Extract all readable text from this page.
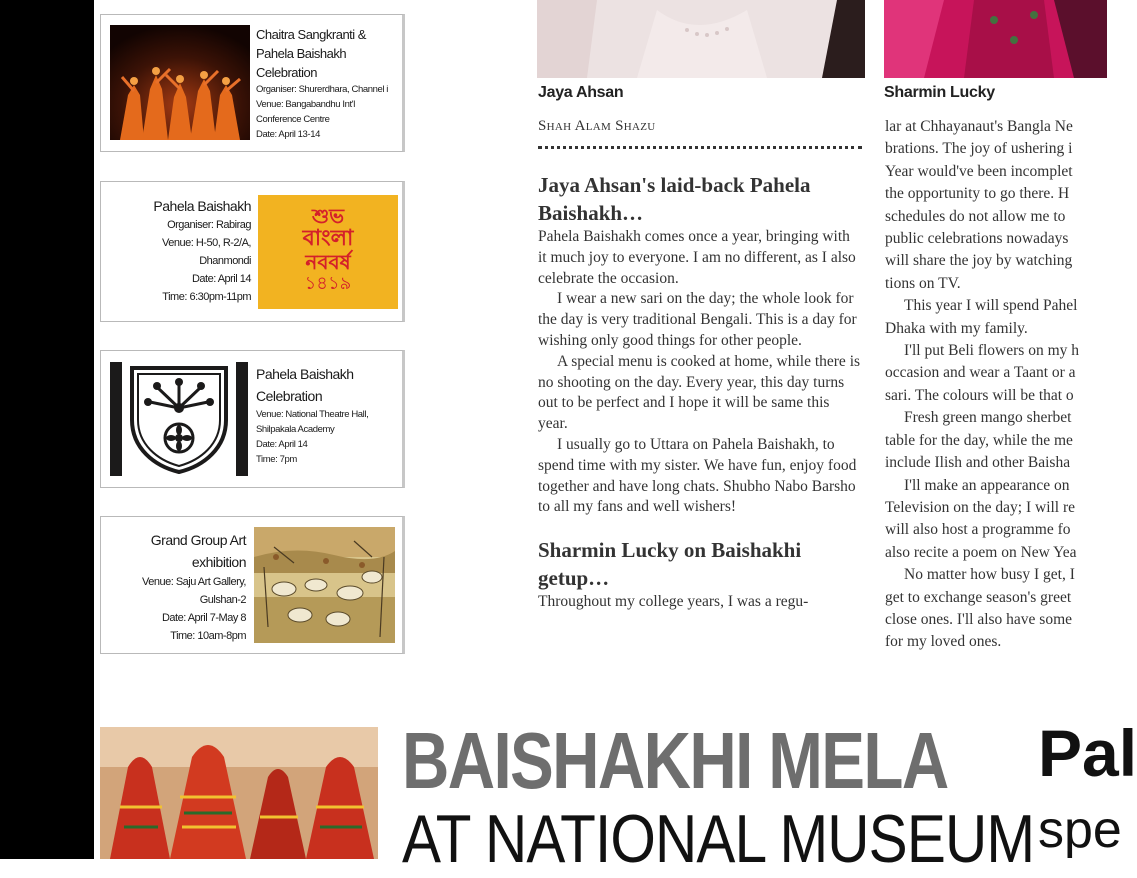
Chaitra Sangkranti & Pahela Baishakh Celebration
Organiser: Shurerdhara, Channel i
Venue: Bangabandhu Int'l Conference Centre
Date: April 13-14
Pahela Baishakh
Organiser: Rabirag
Venue: H-50, R-2/A,
Dhanmondi
Date: April 14
Time: 6:30pm-11pm
শুভ
বাংলা
নববর্ষ
১৪১৯
Pahela Baishakh Celebration
Venue: National Theatre Hall,
Shilpakala Academy
Date: April 14
Time: 7pm
Grand Group Art exhibition
Venue: Saju Art Gallery,
Gulshan-2
Date: April 7-May 8
Time: 10am-8pm
Jaya Ahsan	Sharmin Lucky
Shah Alam Shazu
Jaya Ahsan's laid-back Pahela Baishakh…

Pahela Baishakh comes once a year, bringing with it much joy to everyone. I am no different, as I also celebrate the occasion.

I wear a new sari on the day; the whole look for the day is very traditional Bengali. This is a day for wishing only good things for other people.

A special menu is cooked at home, while there is no shooting on the day. Every year, this day turns out to be perfect and I hope it will be same this year.

I usually go to Uttara on Pahela Baishakh, to spend time with my sister. We have fun, enjoy food together and have long chats. Shubho Nabo Barsho to all my fans and well wishers!

Sharmin Lucky on Baishakhi getup…

Throughout my college years, I was a regu-

lar at Chhayanaut's Bangla Ne
brations. The joy of ushering i
Year would've been incomplet
the opportunity to go there. H
schedules do not allow me to
public celebrations nowadays
will share the joy by watching
tions on TV.
This year I will spend Pahel
Dhaka with my family.
I'll put Beli flowers on my h
occasion and wear a Taant or a
sari. The colours will be that o
Fresh green mango sherbet
table for the day, while the me
include Ilish and other Baisha
I'll make an appearance on
Television on the day; I will re
will also host a programme fo
also recite a poem on New Yea
No matter how busy I get, I
get to exchange season's greet
close ones. I'll also have some
for my loved ones.
BAISHAKHI MELA
AT NATIONAL MUSEUM
Pal
spe
